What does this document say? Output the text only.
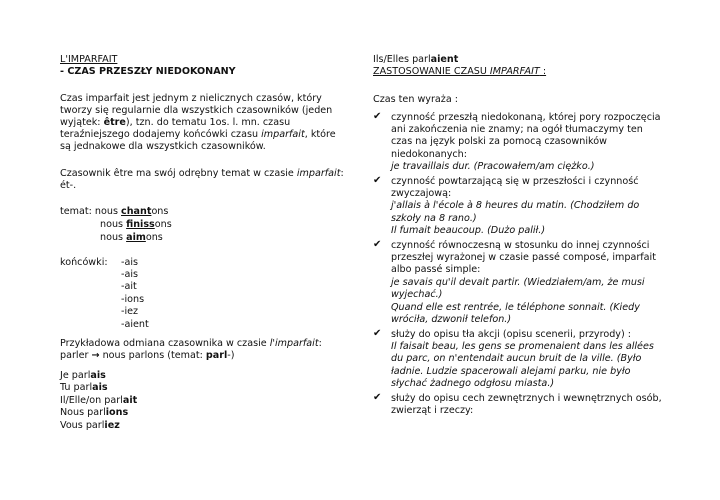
L'IMPARFAIT
- CZAS PRZESZŁY NIEDOKONANY
Czas imparfait jest jednym z nielicznych czasów, który
tworzy się regularnie dla wszystkich czasowników (jeden
wyjątek: être), tzn. do tematu 1os. l. mn. czasu
teraźniejszego dodajemy końcówki czasu imparfait, które
są jednakowe dla wszystkich czasowników.
Czasownik être ma swój odrębny temat w czasie imparfait:
ét-.
temat: nous chantons
nous finissons
nous aimons
końcówki: -ais
-ais
-ait
-ions
-iez
-aient
Przykładowa odmiana czasownika w czasie l'imparfait:
parler → nous parlons (temat: parl-)
Je parlais
Tu parlais
Il/Elle/on parlait
Nous parlions
Vous parliez
Ils/Elles parlaient
ZASTOSOWANIE CZASU IMPARFAIT :
Czas ten wyraża :
✔ czynność przeszłą niedokonaną, której pory rozpoczęcia
ani zakończenia nie znamy; na ogół tłumaczymy ten
czas na język polski za pomocą czasowników
niedokonanych:
je travaillais dur. (Pracowałem/am ciężko.)
✔ czynność powtarzającą się w przeszłości i czynność
zwyczajową:
j'allais à l'école à 8 heures du matin. (Chodziłem do
szkoły na 8 rano.)
Il fumait beaucoup. (Dużo palił.)
✔ czynność równoczesną w stosunku do innej czynności
przeszłej wyrażonej w czasie passé composé, imparfait
albo passé simple:
je savais qu'il devait partir. (Wiedziałem/am, że musi
wyjechać.)
Quand elle est rentrée, le téléphone sonnait. (Kiedy
wróciła, dzwonił telefon.)
✔ służy do opisu tła akcji (opisu scenerii, przyrody) :
Il faisait beau, les gens se promenaient dans les allées
du parc, on n'entendait aucun bruit de la ville. (Było
ładnie. Ludzie spacerowali alejami parku, nie było
słychać żadnego odgłosu miasta.)
✔ służy do opisu cech zewnętrznych i wewnętrznych osób,
zwierząt i rzeczy:
